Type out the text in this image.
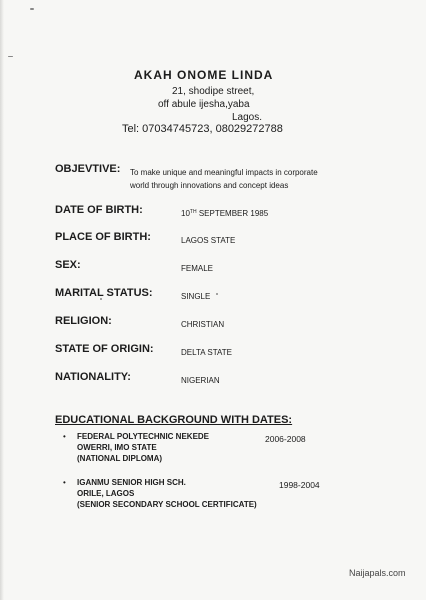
AKAH ONOME LINDA
21, shodipe street,
off abule ijesha,yaba
Lagos.
Tel: 07034745723, 08029272788
OBJEVTIVE: To make unique and meaningful impacts in corporate
world through innovations and concept ideas
DATE OF BIRTH:	10TH SEPTEMBER 1985
PLACE OF BIRTH:	LAGOS STATE
SEX:	FEMALE
MARITAL STATUS:	SINGLE
RELIGION:	CHRISTIAN
STATE OF ORIGIN:	DELTA STATE
NATIONALITY:	NIGERIAN
EDUCATIONAL BACKGROUND WITH DATES:
• FEDERAL POLYTECHNIC NEKEDE
OWERRI, IMO STATE
(NATIONAL DIPLOMA)
2006-2008
• IGANMU SENIOR HIGH SCH.
ORILE, LAGOS
(SENIOR SECONDARY SCHOOL CERTIFICATE)
1998-2004
Naijapals.com
